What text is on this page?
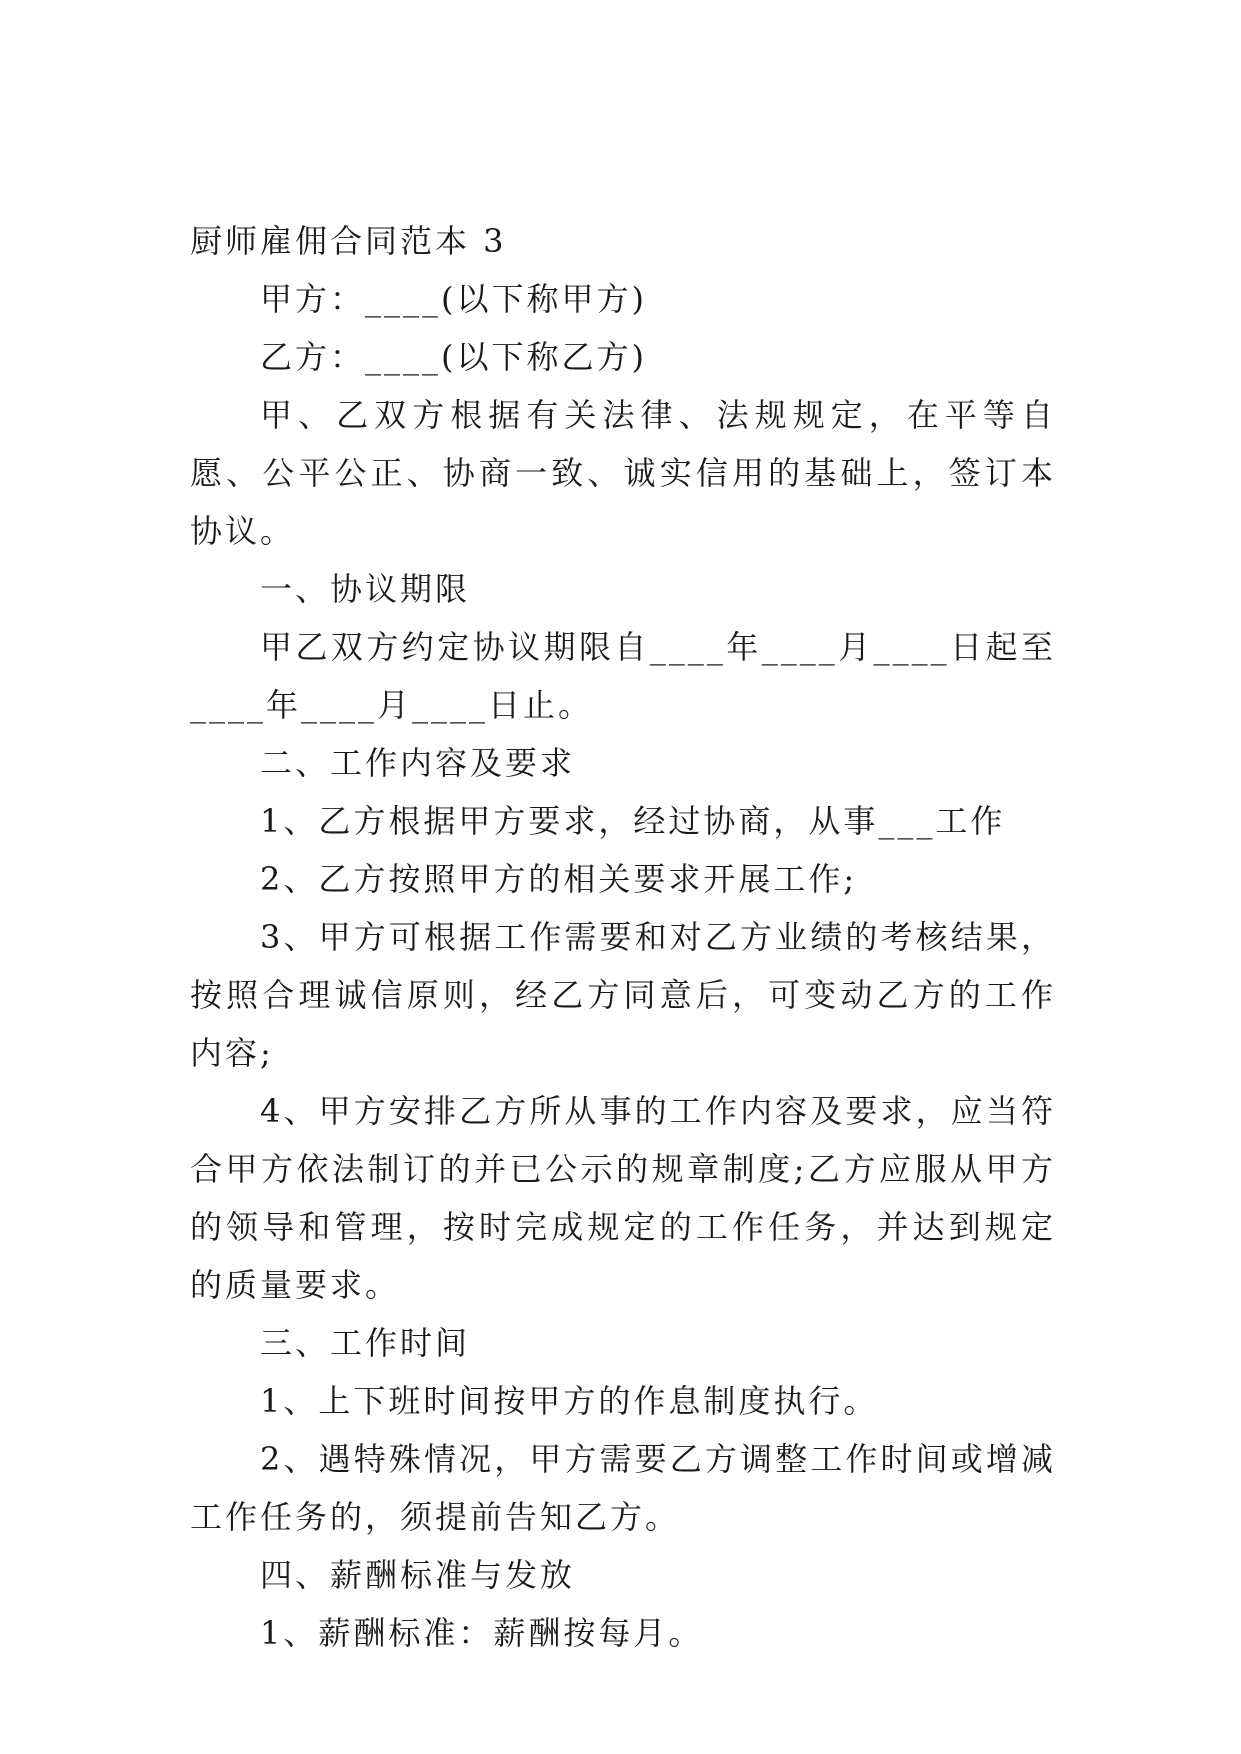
厨师雇佣合同范本 3

甲方：____(以下称甲方)

乙方：____(以下称乙方)

甲、乙双方根据有关法律、法规规定，在平等自愿、公平公正、协商一致、诚实信用的基础上，签订本协议。

一、协议期限

甲乙双方约定协议期限自____年____月____日起至____年____月____日止。

二、工作内容及要求

1、乙方根据甲方要求，经过协商，从事___工作

2、乙方按照甲方的相关要求开展工作;

3、甲方可根据工作需要和对乙方业绩的考核结果，按照合理诚信原则，经乙方同意后，可变动乙方的工作内容;

4、甲方安排乙方所从事的工作内容及要求，应当符合甲方依法制订的并已公示的规章制度;乙方应服从甲方的领导和管理，按时完成规定的工作任务，并达到规定的质量要求。

三、工作时间

1、上下班时间按甲方的作息制度执行。

2、遇特殊情况，甲方需要乙方调整工作时间或增减工作任务的，须提前告知乙方。

四、薪酬标准与发放

1、薪酬标准：薪酬按每月。
